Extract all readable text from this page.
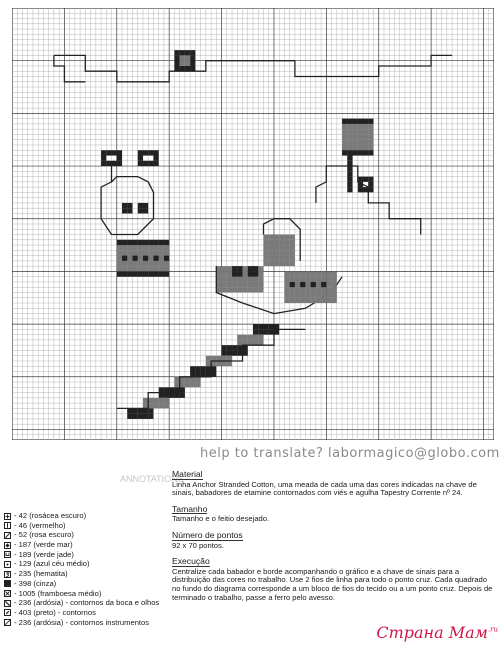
help to translate? labormagico@globo.com
ANNOTATIONS
- 42 (rosácea escuro)
- 46 (vermelho)
- 52 (rosa escuro)
- 187 (verde mar)
- 189 (verde jade)
- 129 (azul céu médio)
- 235 (hematita)
- 398 (cinza)
- 1005 (framboesa médio)
- 236 (ardósia) - contornos da boca e olhos
- 403 (preto) - contornos
- 236 (ardósia) - contornos instrumentos
Material
Linha Anchor Stranded Cotton, uma meada de cada uma das cores indicadas na chave de sinais, babadores de etamine contornados com viés e agulha Tapestry Corrente nº 24.
Tamanho
Tamanho e o feitio desejado.
Número de pontos
92 x 70 pontos.
Execução
Centralize cada babador e borde acompanhando o gráfico e a chave de sinais para a distribuição das cores no trabalho. Use 2 fios de linha para todo o ponto cruz. Cada quadrado no fundo do diagrama corresponde a um bloco de fios do tecido ou a um ponto cruz. Depois de terminado o trabalho, passe a ferro pelo avesso.
Страна Мам$^{.ru}$
